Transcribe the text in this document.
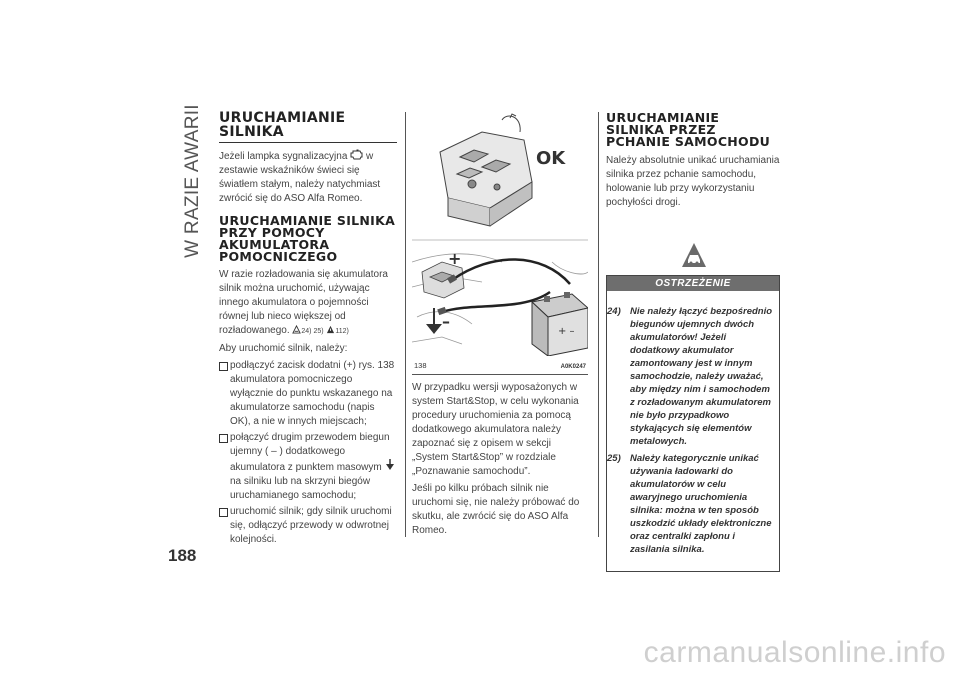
W RAZIE AWARII URUCHAMIANIE SILNIKA

Jeżeli lampka sygnalizacyjna  w zestawie wskaźników świeci się światłem stałym, należy natychmiast zwrócić się do ASO Alfa Romeo.

URUCHAMIANIE SILNIKA PRZY POMOCY AKUMULATORA POMOCNICZEGO

W razie rozładowania się akumulatora silnik można uruchomić, używając innego akumulatora o pojemności równej lub nieco większej od rozładowanego. 24) 25) 112)

Aby uruchomić silnik, należy:

podłączyć zacisk dodatni (+) rys. 138 akumulatora pomocniczego wyłącznie do punktu wskazanego na akumulatorze samochodu (napis OK), a nie w innych miejscach;
połączyć drugim przewodem biegun ujemny ( – ) dodatkowego akumulatora z punktem masowym  na silniku lub na skrzyni biegów uruchamianego samochodu;
uruchomić silnik; gdy silnik uruchomi się, odłączyć przewody w odwrotnej kolejności.
OK
+
–
+ –
138	A0K0247

W przypadku wersji wyposażonych w system Start&Stop, w celu wykonania procedury uruchomienia za pomocą dodatkowego akumulatora należy zapoznać się z opisem w sekcji „System Start&Stop” w rozdziale „Poznawanie samochodu”.

Jeśli po kilku próbach silnik nie uruchomi się, nie należy próbować do skutku, ale zwrócić się do ASO Alfa Romeo.

URUCHAMIANIE SILNIKA PRZEZ PCHANIE SAMOCHODU

Należy absolutnie unikać uruchamiania silnika przez pchanie samochodu, holowanie lub przy wykorzystaniu pochyłości drogi.

OSTRZEŻENIE
24) Nie należy łączyć bezpośrednio biegunów ujemnych dwóch akumulatorów! Jeżeli dodatkowy akumulator zamontowany jest w innym samochodzie, należy uważać, aby między nim i samochodem z rozładowanym akumulatorem nie było przypadkowo stykających się elementów metalowych.
25) Należy kategorycznie unikać używania ładowarki do akumulatorów w celu awaryjnego uruchomienia silnika: można w ten sposób uszkodzić układy elektroniczne oraz centralki zapłonu i zasilania silnika.
188
carmanualsonline.info
